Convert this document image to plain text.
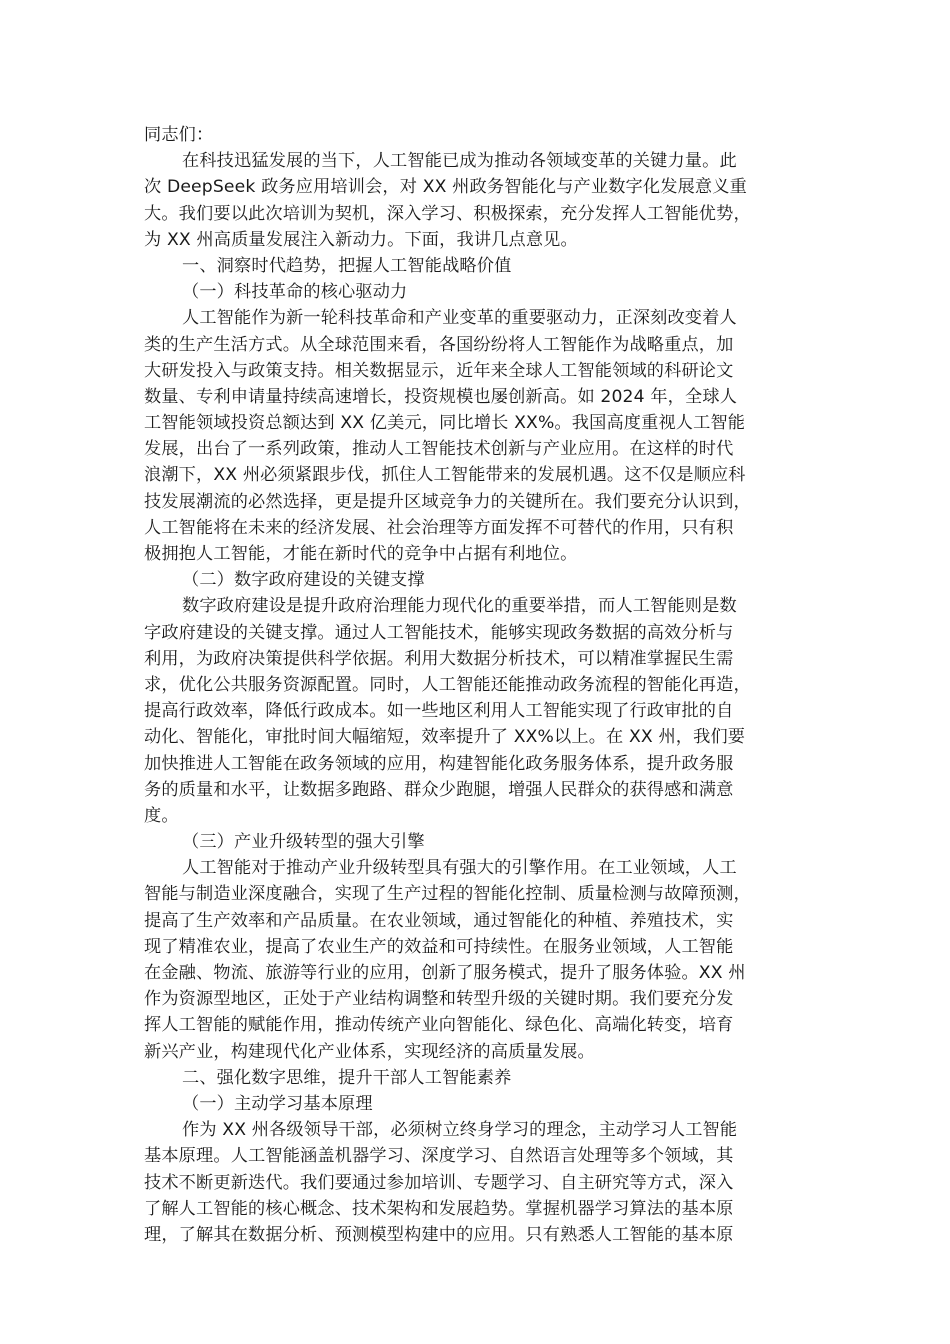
同志们：
在科技迅猛发展的当下，人工智能已成为推动各领域变革的关键力量。此
次 DeepSeek 政务应用培训会，对 XX 州政务智能化与产业数字化发展意义重
大。我们要以此次培训为契机，深入学习、积极探索，充分发挥人工智能优势，
为 XX 州高质量发展注入新动力。下面，我讲几点意见。
一、洞察时代趋势，把握人工智能战略价值
（一）科技革命的核心驱动力
人工智能作为新一轮科技革命和产业变革的重要驱动力，正深刻改变着人
类的生产生活方式。从全球范围来看，各国纷纷将人工智能作为战略重点，加
大研发投入与政策支持。相关数据显示，近年来全球人工智能领域的科研论文
数量、专利申请量持续高速增长，投资规模也屡创新高。如 2024 年，全球人
工智能领域投资总额达到 XX 亿美元，同比增长 XX%。我国高度重视人工智能
发展，出台了一系列政策，推动人工智能技术创新与产业应用。在这样的时代
浪潮下，XX 州必须紧跟步伐，抓住人工智能带来的发展机遇。这不仅是顺应科
技发展潮流的必然选择，更是提升区域竞争力的关键所在。我们要充分认识到，
人工智能将在未来的经济发展、社会治理等方面发挥不可替代的作用，只有积
极拥抱人工智能，才能在新时代的竞争中占据有利地位。
（二）数字政府建设的关键支撑
数字政府建设是提升政府治理能力现代化的重要举措，而人工智能则是数
字政府建设的关键支撑。通过人工智能技术，能够实现政务数据的高效分析与
利用，为政府决策提供科学依据。利用大数据分析技术，可以精准掌握民生需
求，优化公共服务资源配置。同时，人工智能还能推动政务流程的智能化再造，
提高行政效率，降低行政成本。如一些地区利用人工智能实现了行政审批的自
动化、智能化，审批时间大幅缩短，效率提升了 XX%以上。在 XX 州，我们要
加快推进人工智能在政务领域的应用，构建智能化政务服务体系，提升政务服
务的质量和水平，让数据多跑路、群众少跑腿，增强人民群众的获得感和满意
度。
（三）产业升级转型的强大引擎
人工智能对于推动产业升级转型具有强大的引擎作用。在工业领域，人工
智能与制造业深度融合，实现了生产过程的智能化控制、质量检测与故障预测，
提高了生产效率和产品质量。在农业领域，通过智能化的种植、养殖技术，实
现了精准农业，提高了农业生产的效益和可持续性。在服务业领域，人工智能
在金融、物流、旅游等行业的应用，创新了服务模式，提升了服务体验。XX 州
作为资源型地区，正处于产业结构调整和转型升级的关键时期。我们要充分发
挥人工智能的赋能作用，推动传统产业向智能化、绿色化、高端化转变，培育
新兴产业，构建现代化产业体系，实现经济的高质量发展。
二、强化数字思维，提升干部人工智能素养
（一）主动学习基本原理
作为 XX 州各级领导干部，必须树立终身学习的理念，主动学习人工智能
基本原理。人工智能涵盖机器学习、深度学习、自然语言处理等多个领域，其
技术不断更新迭代。我们要通过参加培训、专题学习、自主研究等方式，深入
了解人工智能的核心概念、技术架构和发展趋势。掌握机器学习算法的基本原
理，了解其在数据分析、预测模型构建中的应用。只有熟悉人工智能的基本原
